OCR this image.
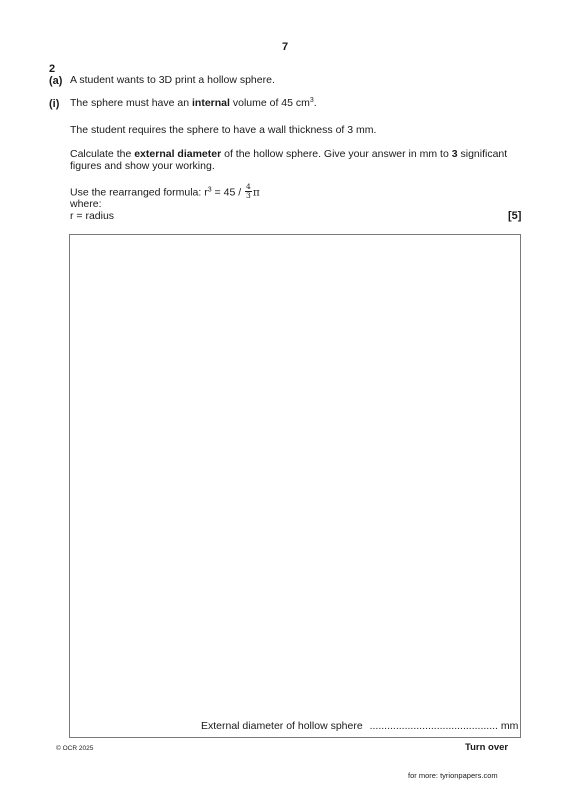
7
2
(a) A student wants to 3D print a hollow sphere.
(i) The sphere must have an internal volume of 45 $cm^3$.
The student requires the sphere to have a wall thickness of 3 mm.
Calculate the external diameter of the hollow sphere. Give your answer in mm to 3 significant
figures and show your working.
Use the rearranged formula: $r^3 = 45 / \frac{4}{3}$ π
where:
r = radius	[5]
External diameter of hollow sphere ............................................ mm
© OCR 2025	Turn over
for more: tyrionpapers.com
